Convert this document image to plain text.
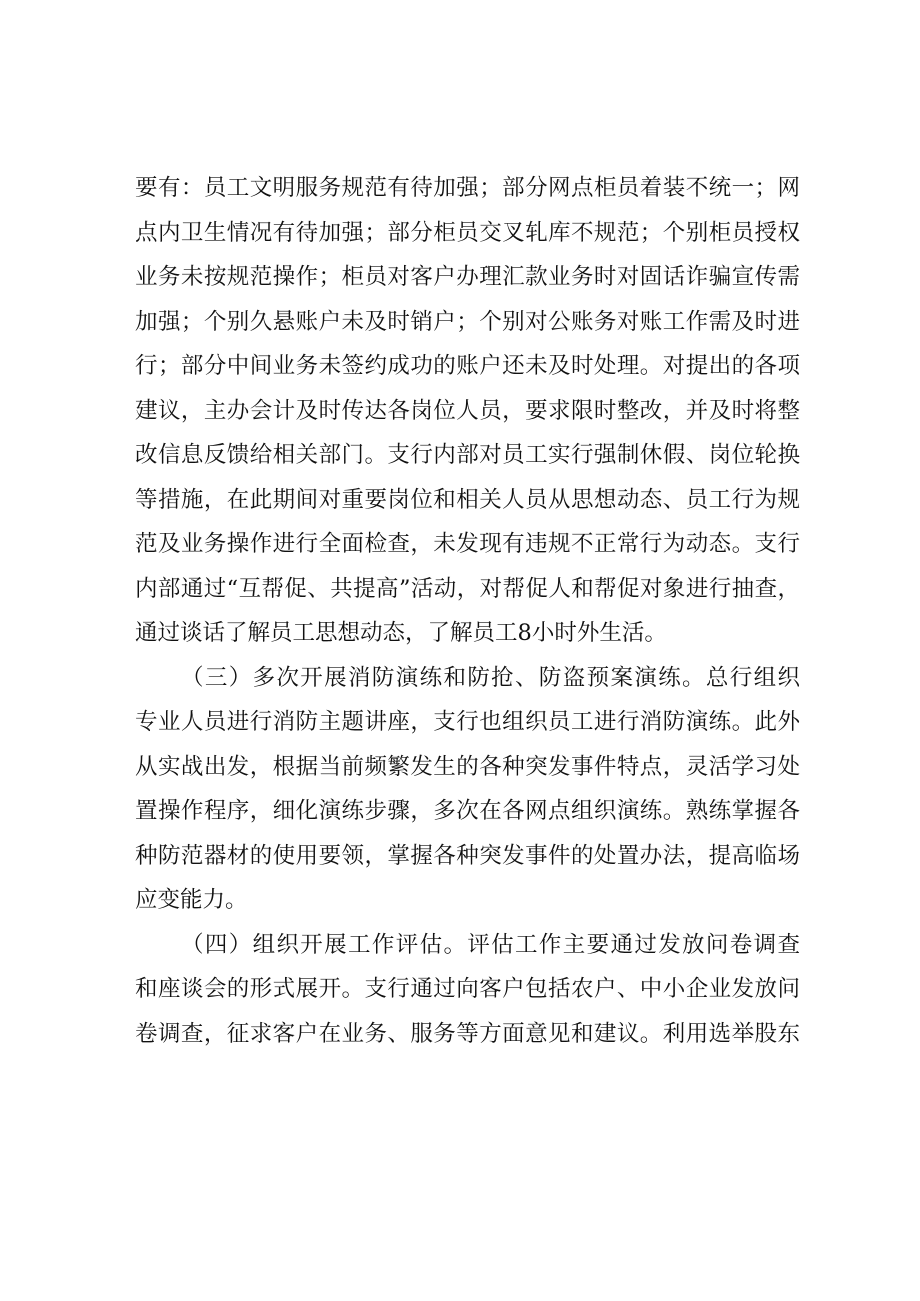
要有：员工文明服务规范有待加强；部分网点柜员着装不统一；网
点内卫生情况有待加强；部分柜员交叉轧库不规范；个别柜员授权
业务未按规范操作；柜员对客户办理汇款业务时对固话诈骗宣传需
加强；个别久悬账户未及时销户；个别对公账务对账工作需及时进
行；部分中间业务未签约成功的账户还未及时处理。对提出的各项
建议，主办会计及时传达各岗位人员，要求限时整改，并及时将整
改信息反馈给相关部门。支行内部对员工实行强制休假、岗位轮换
等措施，在此期间对重要岗位和相关人员从思想动态、员工行为规
范及业务操作进行全面检查，未发现有违规不正常行为动态。支行
内部通过“互帮促、共提高”活动，对帮促人和帮促对象进行抽查，
通过谈话了解员工思想动态，了解员工8小时外生活。
（三）多次开展消防演练和防抢、防盗预案演练。总行组织
专业人员进行消防主题讲座，支行也组织员工进行消防演练。此外
从实战出发，根据当前频繁发生的各种突发事件特点，灵活学习处
置操作程序，细化演练步骤，多次在各网点组织演练。熟练掌握各
种防范器材的使用要领，掌握各种突发事件的处置办法，提高临场
应变能力。
（四）组织开展工作评估。评估工作主要通过发放问卷调查
和座谈会的形式展开。支行通过向客户包括农户、中小企业发放问
卷调查，征求客户在业务、服务等方面意见和建议。利用选举股东
